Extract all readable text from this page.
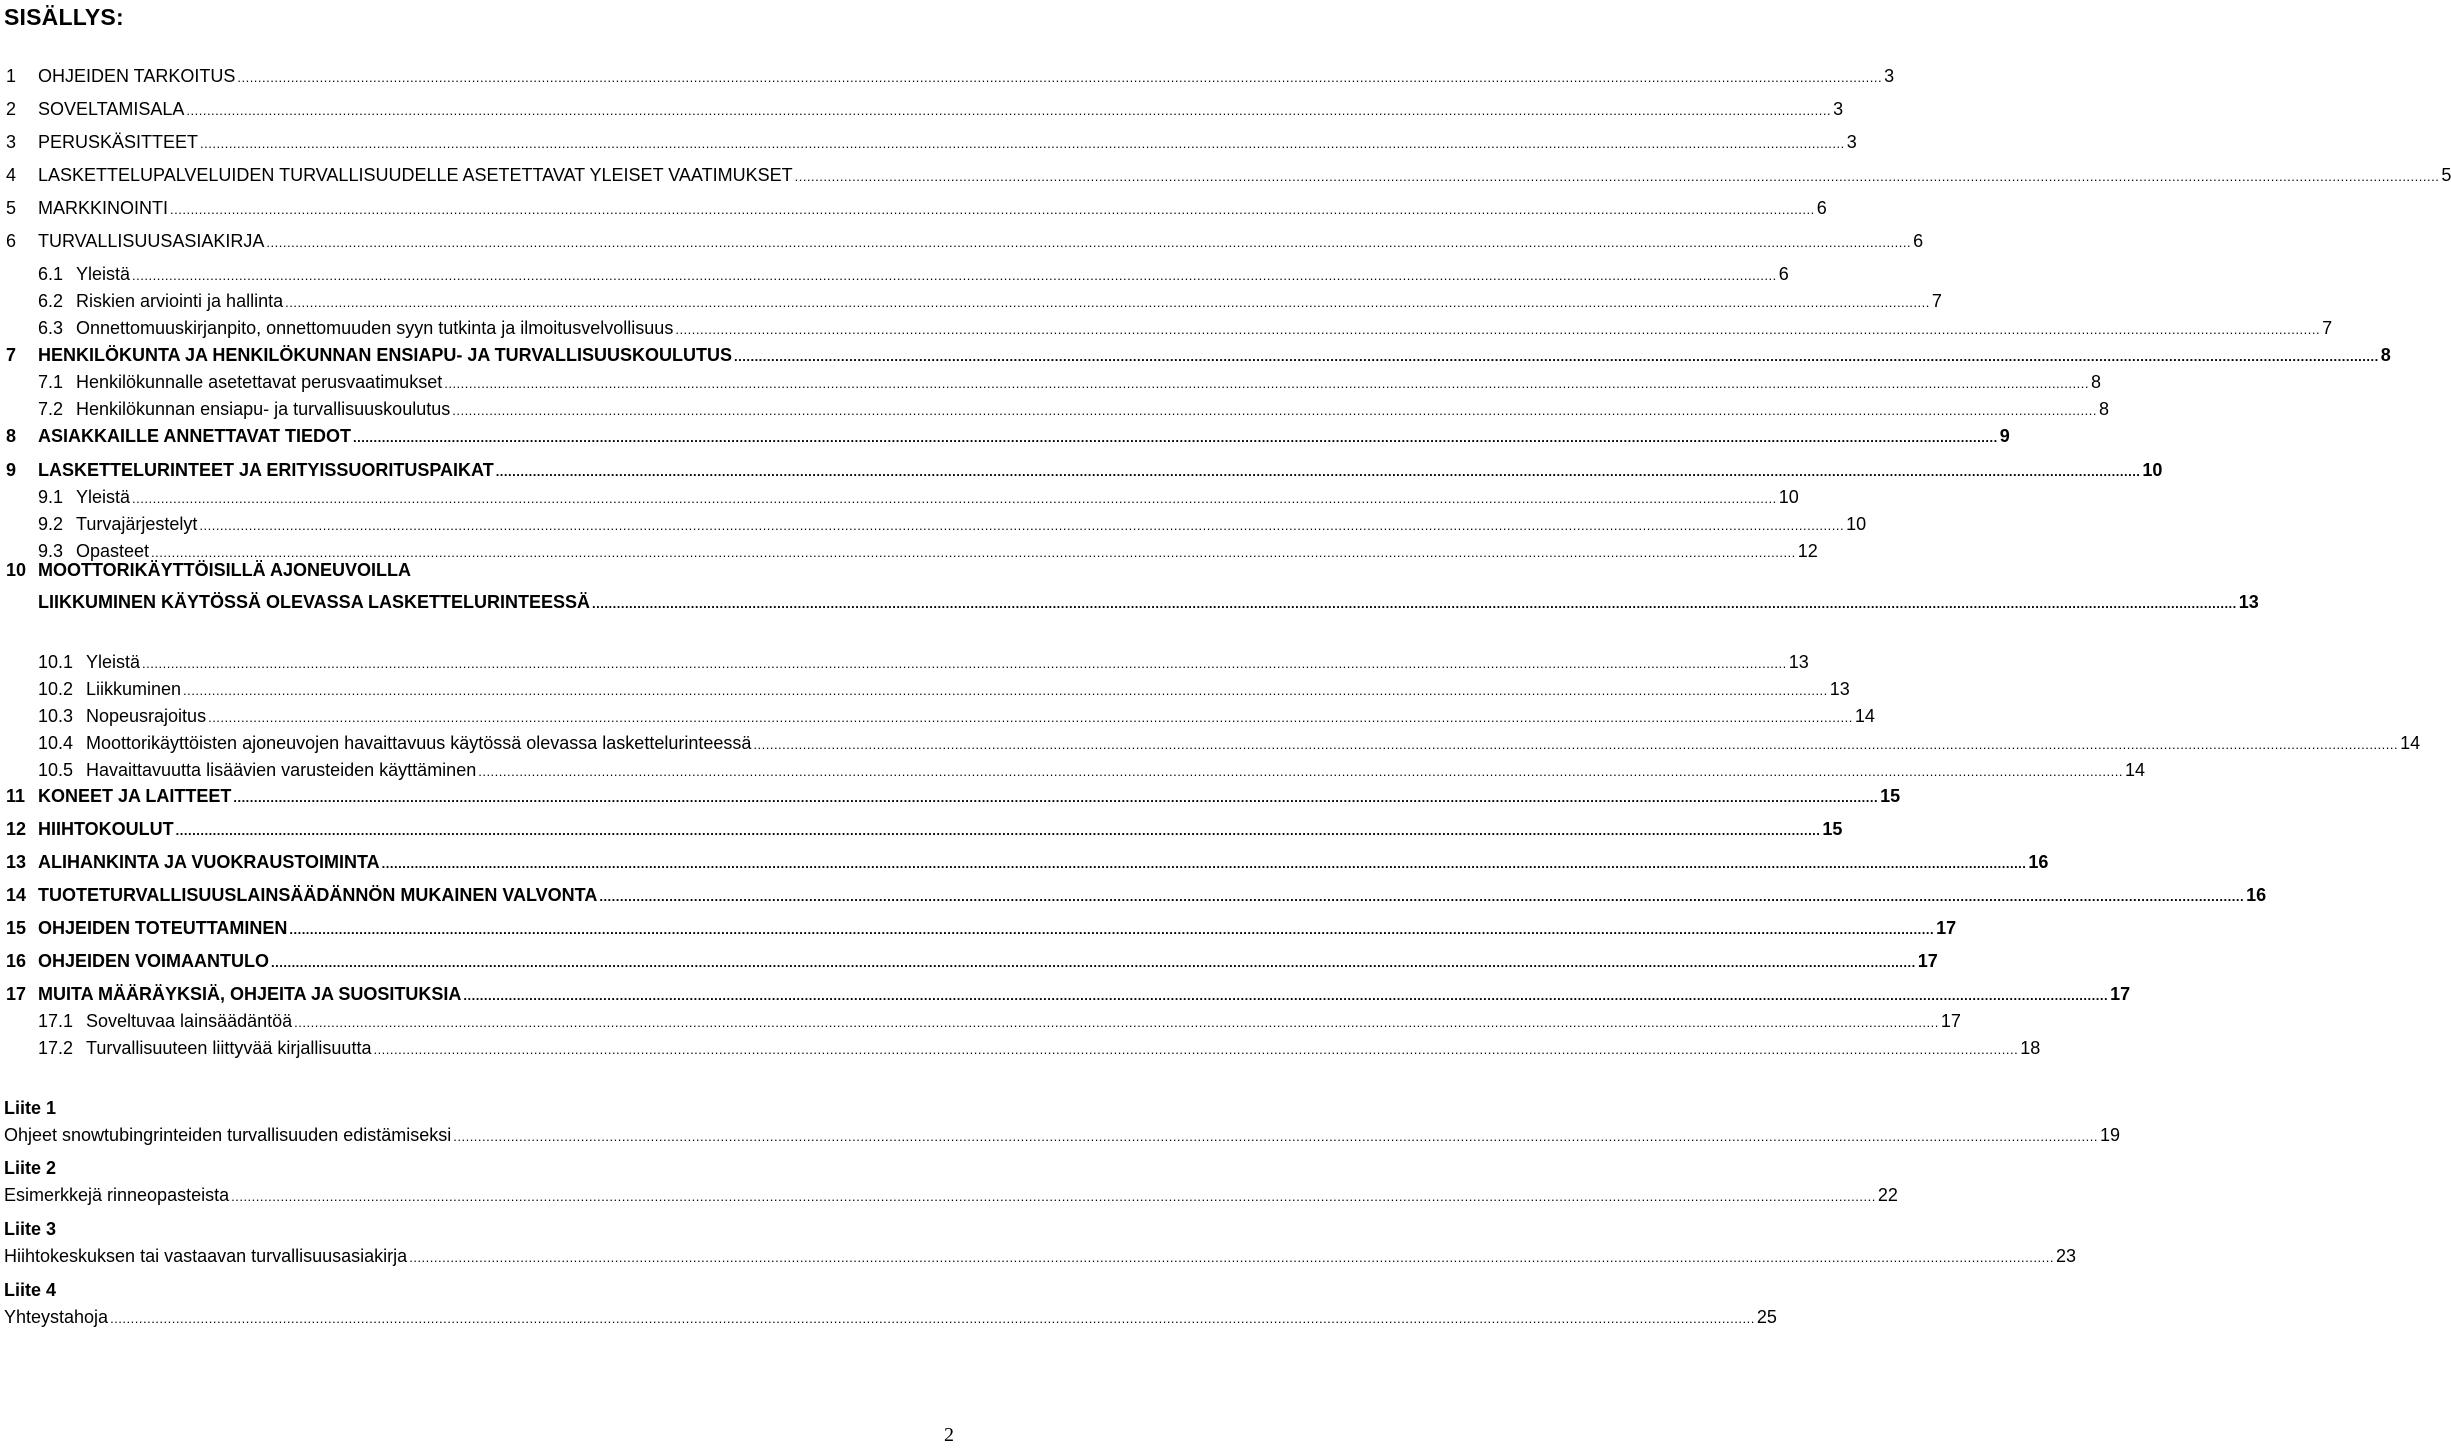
SISÄLLYS:
1 OHJEIDEN TARKOITUS ................................................................................................................................................................................................................................................................................................................................................................................................................ 3
2 SOVELTAMISALA ................................................................................................................................................................................................................................................................................................................................................................................................................ 3
3 PERUSKÄSITTEET ................................................................................................................................................................................................................................................................................................................................................................................................................ 3
4 LASKETTELUPALVELUIDEN TURVALLISUUDELLE ASETETTAVAT YLEISET VAATIMUKSET ................................................................................................................................................................................................................................................................................................................................................................................................................ 5
5 MARKKINOINTI ................................................................................................................................................................................................................................................................................................................................................................................................................ 6
6 TURVALLISUUSASIAKIRJA ................................................................................................................................................................................................................................................................................................................................................................................................................ 6
6.1 Yleistä ................................................................................................................................................................................................................................................................................................................................................................................................................ 6
6.2 Riskien arviointi ja hallinta ................................................................................................................................................................................................................................................................................................................................................................................................................ 7
6.3 Onnettomuuskirjanpito, onnettomuuden syyn tutkinta ja ilmoitusvelvollisuus ................................................................................................................................................................................................................................................................................................................................................................................................................ 7
7 HENKILÖKUNTA JA HENKILÖKUNNAN ENSIAPU- JA TURVALLISUUSKOULUTUS ................................................................................................................................................................................................................................................................................................................................................................................................................ 8
7.1 Henkilökunnalle asetettavat perusvaatimukset ................................................................................................................................................................................................................................................................................................................................................................................................................ 8
7.2 Henkilökunnan ensiapu- ja turvallisuuskoulutus ................................................................................................................................................................................................................................................................................................................................................................................................................ 8
8 ASIAKKAILLE ANNETTAVAT TIEDOT ................................................................................................................................................................................................................................................................................................................................................................................................................ 9
9 LASKETTELURINTEET JA ERITYISSUORITUSPAIKAT ................................................................................................................................................................................................................................................................................................................................................................................................................ 10
9.1 Yleistä ................................................................................................................................................................................................................................................................................................................................................................................................................ 10
9.2 Turvajärjestelyt ................................................................................................................................................................................................................................................................................................................................................................................................................ 10
9.3 Opasteet ................................................................................................................................................................................................................................................................................................................................................................................................................ 12
MOOTTORIKÄYTTÖISILLÄ AJONEUVOILLA
LIIKKUMINEN KÄYTÖSSÄ OLEVASSA LASKETTELURINTEESSÄ ................................................................................................................................................................................................................................................................................................................................................................................................................ 13
10
10.1 Yleistä ................................................................................................................................................................................................................................................................................................................................................................................................................ 13
10.2 Liikkuminen ................................................................................................................................................................................................................................................................................................................................................................................................................ 13
10.3 Nopeusrajoitus ................................................................................................................................................................................................................................................................................................................................................................................................................ 14
10.4 Moottorikäyttöisten ajoneuvojen havaittavuus käytössä olevassa laskettelurinteessä ................................................................................................................................................................................................................................................................................................................................................................................................................ 14
10.5 Havaittavuutta lisäävien varusteiden käyttäminen ................................................................................................................................................................................................................................................................................................................................................................................................................ 14
11 KONEET JA LAITTEET ................................................................................................................................................................................................................................................................................................................................................................................................................ 15
12 HIIHTOKOULUT ................................................................................................................................................................................................................................................................................................................................................................................................................ 15
13 ALIHANKINTA JA VUOKRAUSTOIMINTA ................................................................................................................................................................................................................................................................................................................................................................................................................ 16
14 TUOTETURVALLISUUSLAINSÄÄDÄNNÖN MUKAINEN VALVONTA ................................................................................................................................................................................................................................................................................................................................................................................................................ 16
15 OHJEIDEN TOTEUTTAMINEN ................................................................................................................................................................................................................................................................................................................................................................................................................ 17
16 OHJEIDEN VOIMAANTULO ................................................................................................................................................................................................................................................................................................................................................................................................................ 17
17 MUITA MÄÄRÄYKSIÄ, OHJEITA JA SUOSITUKSIA ................................................................................................................................................................................................................................................................................................................................................................................................................ 17
17.1 Soveltuvaa lainsäädäntöä ................................................................................................................................................................................................................................................................................................................................................................................................................ 17
17.2 Turvallisuuteen liittyvää kirjallisuutta ................................................................................................................................................................................................................................................................................................................................................................................................................ 18
Liite 1
Ohjeet snowtubingrinteiden turvallisuuden edistämiseksi ................................................................................................................................................................................................................................................................................................................................................................................................................ 19
Liite 2
Esimerkkejä rinneopasteista ................................................................................................................................................................................................................................................................................................................................................................................................................ 22
Liite 3
Hiihtokeskuksen tai vastaavan turvallisuusasiakirja ................................................................................................................................................................................................................................................................................................................................................................................................................ 23
Liite 4
Yhteystahoja ................................................................................................................................................................................................................................................................................................................................................................................................................ 25
2
